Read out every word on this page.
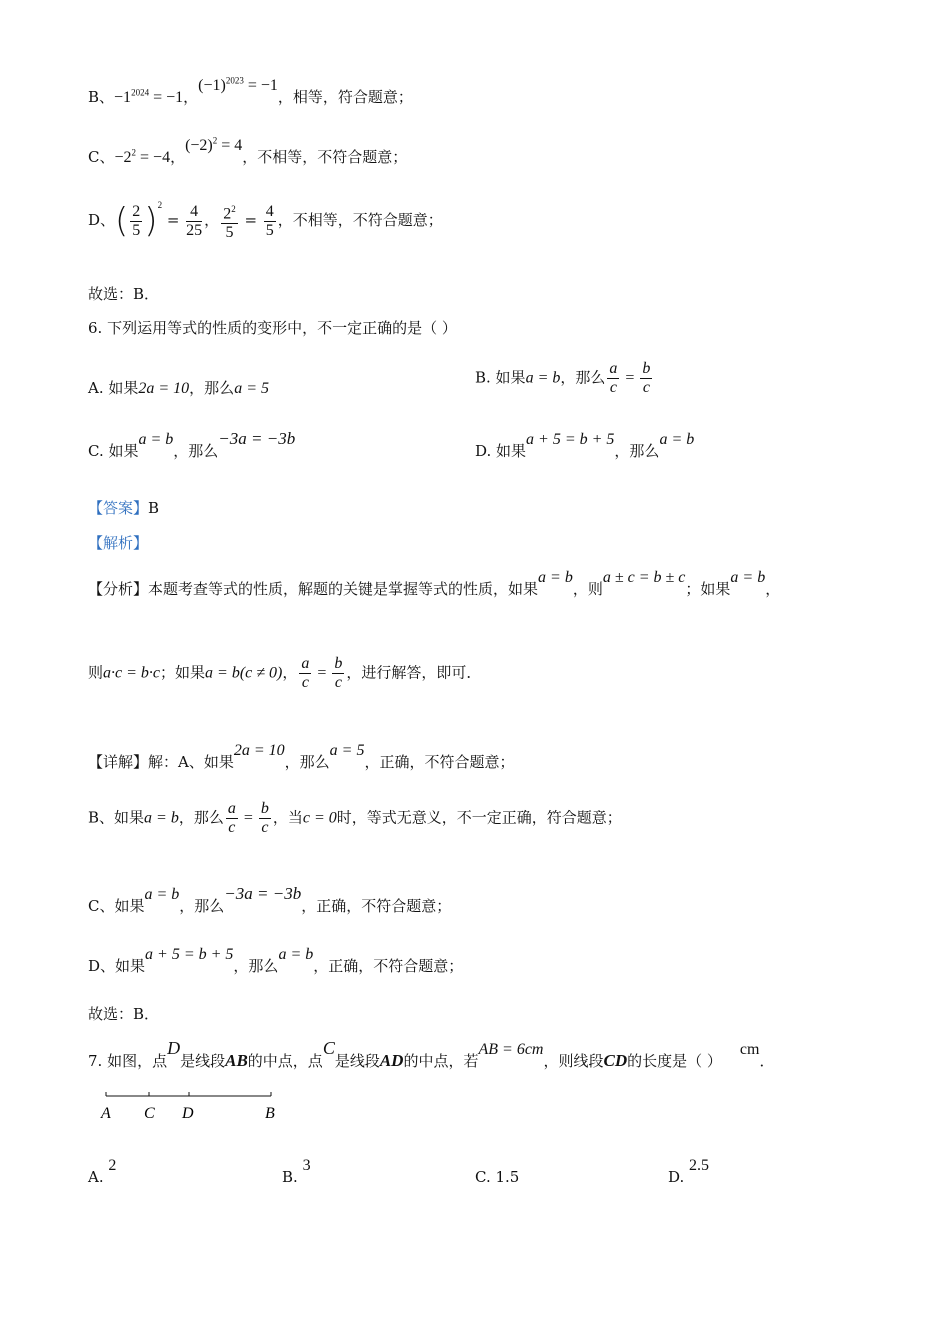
B、$-1^{2024} = -1$，$(-1)^{2023} = -1$，相等，符合题意；
C、$-2^2 = -4$，$(-2)^2 = 4$，不相等，不符合题意；
D、( $\frac{2}{5} )^2 = \frac{4}{25}$ ， $\frac{2^2}{5} = \frac{4}{5}$ ，不相等，不符合题意；
故选：B．
6. 下列运用等式的性质的变形中，不一定正确的是（ ）
A. 如果2a = 10，那么a = 5
B. 如果a = b，那么 $\frac{a}{c} = \frac{b}{c}$
C. 如果a = b，那么−3a = −3b
D. 如果a + 5 = b + 5，那么a = b
【答案】B
【解析】
【分析】本题考查等式的性质，解题的关键是掌握等式的性质，如果a = b，则a ± c = b ± c；如果a = b，
则a·c = b·c；如果a = b(c ≠ 0)， $\frac{a}{c} = \frac{b}{c}$ ，进行解答，即可．
【详解】解：A、如果2a = 10，那么a = 5，正确，不符合题意；
B、如果a = b，那么 $\frac{a}{c} = \frac{b}{c}$ ，当c = 0时，等式无意义，不一定正确，符合题意；
C、如果a = b，那么−3a = −3b，正确，不符合题意；
D、如果a + 5 = b + 5，那么a = b，正确，不符合题意；
故选：B．
7. 如图，点D是线段AB的中点，点C是线段AD的中点，若AB = 6cm，则线段CD的长度是（ ）cm．
A C D	B
A. 2
B. 3
C. 1.5	D. 2.5
